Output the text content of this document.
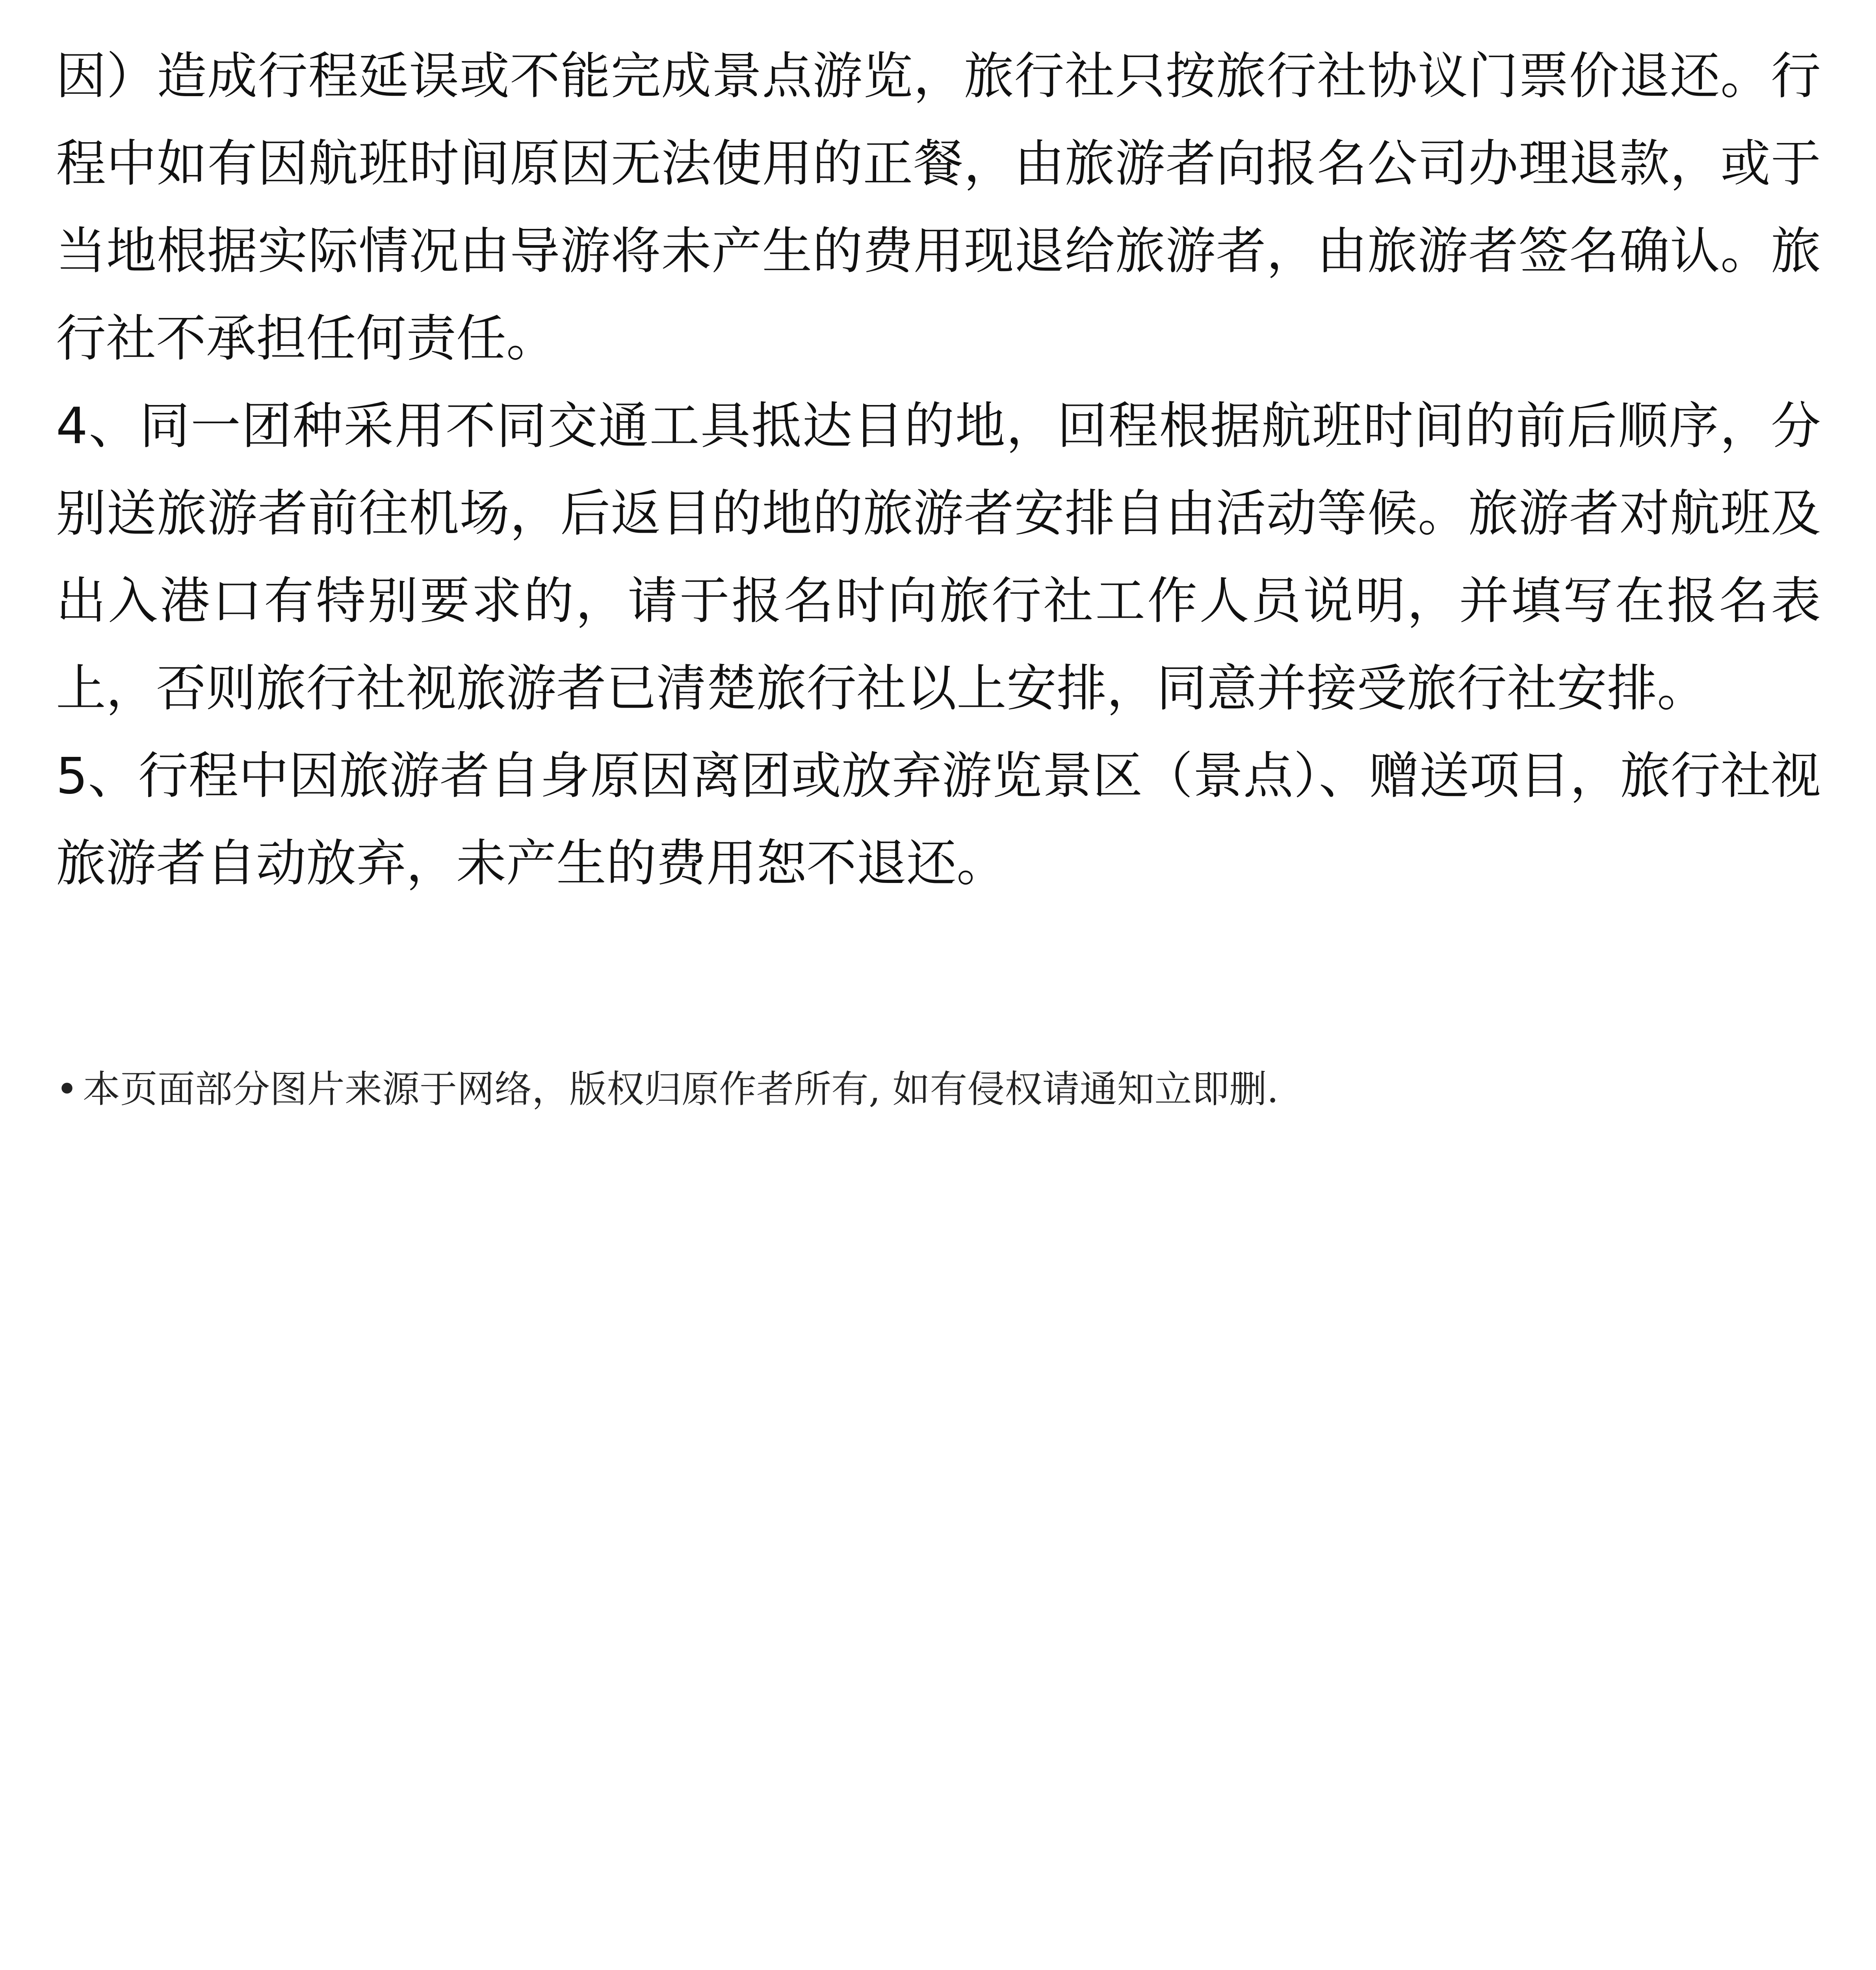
因）造成行程延误或不能完成景点游览，旅行社只按旅行社协议门票价退还。行程中如有因航班时间原因无法使用的正餐，由旅游者向报名公司办理退款，或于当地根据实际情况由导游将未产生的费用现退给旅游者，由旅游者签名确认。旅行社不承担任何责任。

4、同一团种采用不同交通工具抵达目的地，回程根据航班时间的前后顺序，分别送旅游者前往机场，后返目的地的旅游者安排自由活动等候。旅游者对航班及出入港口有特别要求的，请于报名时向旅行社工作人员说明，并填写在报名表上，否则旅行社视旅游者已清楚旅行社以上安排，同意并接受旅行社安排。

5、行程中因旅游者自身原因离团或放弃游览景区（景点）、赠送项目，旅行社视旅游者自动放弃，未产生的费用恕不退还。

• 本页面部分图片来源于网络，版权归原作者所有, 如有侵权请通知立即删.
